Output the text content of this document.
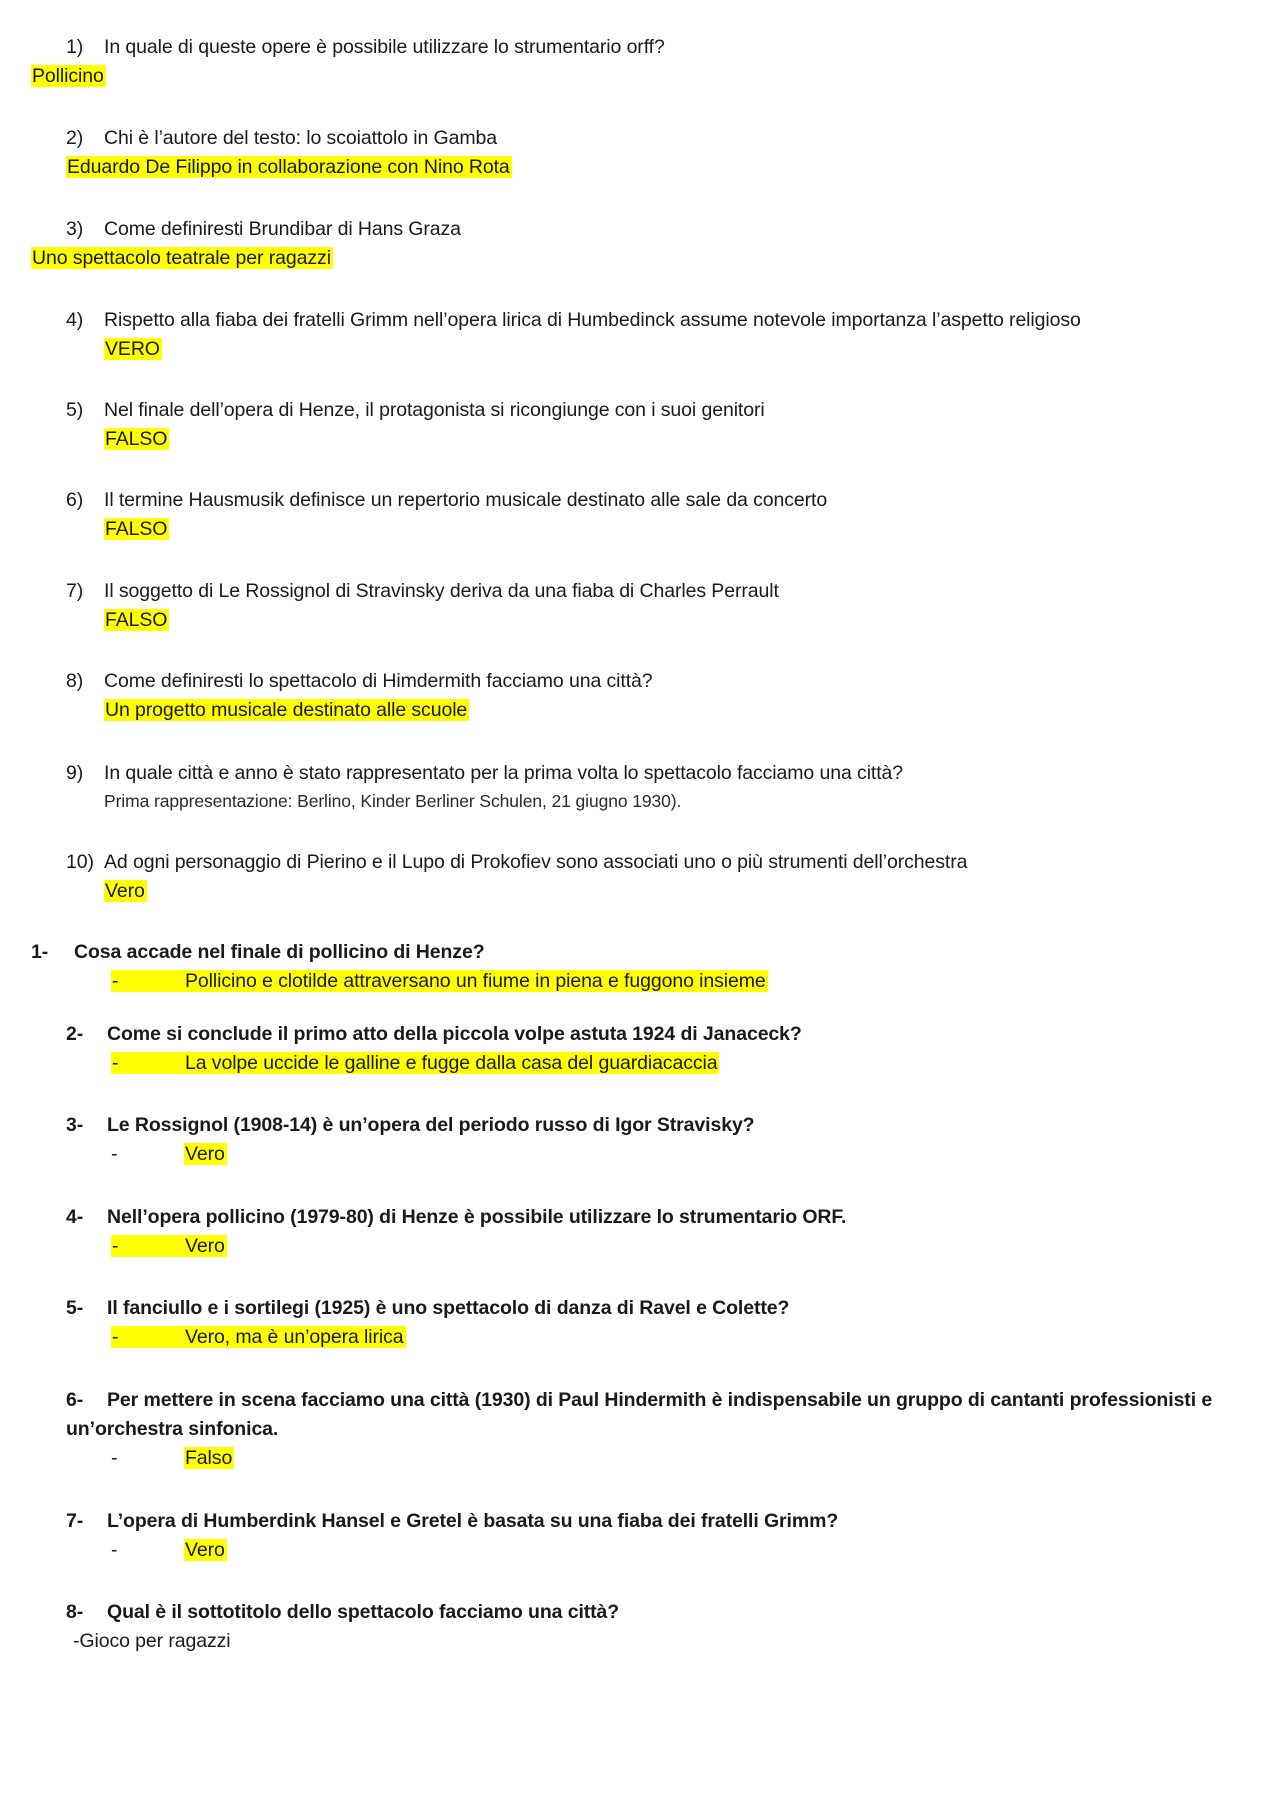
1) In quale di queste opere è possibile utilizzare lo strumentario orff?
Pollicino
2) Chi è l’autore del testo: lo scoiattolo in Gamba
Eduardo De Filippo in collaborazione con Nino Rota
3) Come definiresti Brundibar di Hans Graza
Uno spettacolo teatrale per ragazzi
4) Rispetto alla fiaba dei fratelli Grimm nell’opera lirica di Humbedinck assume notevole importanza l’aspetto religioso
VERO
5) Nel finale dell’opera di Henze, il protagonista si ricongiunge con i suoi genitori
FALSO
6) Il termine Hausmusik definisce un repertorio musicale destinato alle sale da concerto
FALSO
7) Il soggetto di Le Rossignol di Stravinsky deriva da una fiaba di Charles Perrault
FALSO
8) Come definiresti lo spettacolo di Himdermith facciamo una città?
Un progetto musicale destinato alle scuole
9) In quale città e anno è stato rappresentato per la prima volta lo spettacolo facciamo una città?
Prima rappresentazione: Berlino, Kinder Berliner Schulen, 21 giugno 1930).
10) Ad ogni personaggio di Pierino e il Lupo di Prokofiev sono associati uno o più strumenti dell’orchestra
Vero
1- Cosa accade nel finale di pollicino di Henze?
-	Pollicino e clotilde attraversano un fiume in piena e fuggono insieme
2- Come si conclude il primo atto della piccola volpe astuta 1924 di Janaceck?
-	La volpe uccide le galline e fugge dalla casa del guardiacaccia
3- Le Rossignol (1908-14) è un’opera del periodo russo di Igor Stravisky?
-	Vero
4- Nell’opera pollicino (1979-80) di Henze è possibile utilizzare lo strumentario ORF.
-	Vero
5- Il fanciullo e i sortilegi (1925) è uno spettacolo di danza di Ravel e Colette?
-	Vero, ma è un’opera lirica
6- Per mettere in scena facciamo una città (1930) di Paul Hindermith è indispensabile un gruppo di cantanti professionisti e
un’orchestra sinfonica.
-	Falso
7- L’opera di Humberdink Hansel e Gretel è basata su una fiaba dei fratelli Grimm?
-	Vero
8- Qual è il sottotitolo dello spettacolo facciamo una città?
-Gioco per ragazzi
